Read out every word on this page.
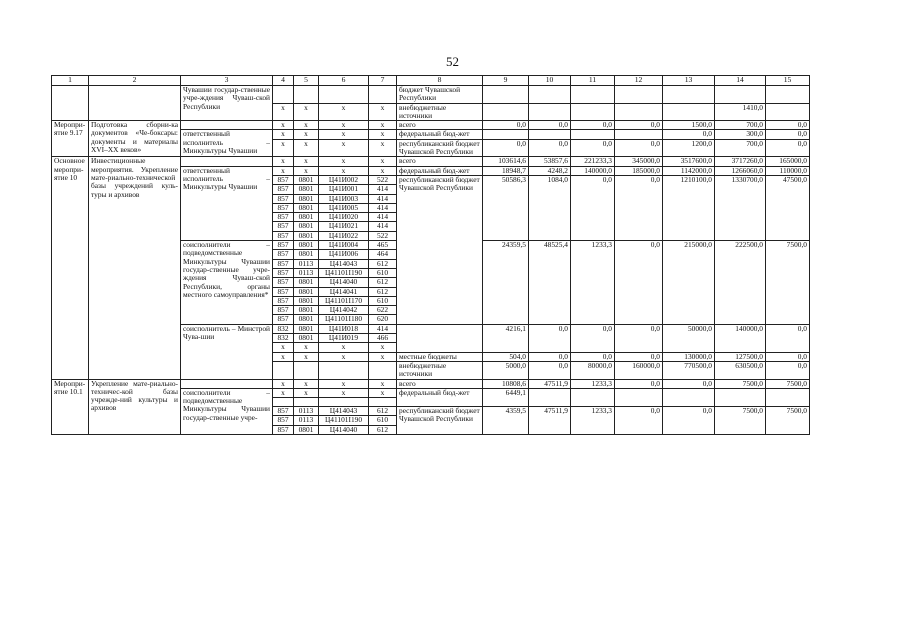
52
1	2	3	4	5	6	7	8	9	10	11	12	13	14	15
		Чувашии государ-ственные учре-ждения Чуваш-ской Республики					бюджет Чувашской Республики							
			х	х	х	х	внебюджетные источники						1410,0	
Меропри-ятие 9.17	Подготовка сборни-ка документов «Че-боксары: документы и материалы XVI–XX веков»		х	х	х	х	всего	0,0	0,0	0,0	0,0	1500,0	700,0	0,0
		ответственный исполнитель – Минкультуры Чувашии	х	х	х	х	федеральный бюд-жет					0,0	300,0	0,0
			х	х	х	х	республиканский бюджет Чувашской Республики	0,0	0,0	0,0	0,0	1200,0	700,0	0,0
Основное меропри-ятие 10	Инвестиционные мероприятия. Укрепление мате-риально-технической базы учреждений куль-туры и архивов		х	х	х	х	всего	103614,6	53857,6	221233,3	345000,0	3517600,0	3717260,0	165000,0
		ответственный исполнитель – Минкультуры Чувашии	х	х	х	х	федеральный бюд-жет	18948,7	4248,2	140000,0	185000,0	1142000,0	1266060,0	110000,0
			857	0801	Ц41И002	522	республиканский бюджет Чувашской Республики	50586,3	1084,0	0,0	0,0	1210100,0	1330700,0	47500,0
			857	0801	Ц41И001	414								
			857	0801	Ц41И003	414								
			857	0801	Ц41И005	414								
			857	0801	Ц41И020	414								
			857	0801	Ц41И021	414								
			857	0801	Ц41И022	522								
		соисполнители – подведомственные Минкультуры Чувашии государ-ственные учре-ждения Чуваш-ской Республики, органы местного самоуправления*	857	0801	Ц41И004	465		24359,5	48525,4	1233,3	0,0	215000,0	222500,0	7500,0
			857	0801	Ц41И006	464								
			857	0113	Ц414043	612								
			857	0113	Ц41101I190	610								
			857	0801	Ц414040	612								
			857	0801	Ц414041	612								
			857	0801	Ц41101I170	610								
			857	0801	Ц414042	622								
			857	0801	Ц41101I180	620								
		соисполнитель – Минстрой Чува-шии	832	0801	Ц41И018	414		4216,1	0,0	0,0	0,0	50000,0	140000,0	0,0
			832	0801	Ц41И019	466								
			х	х	х	х								
			х	х	х	х	местные бюджеты	504,0	0,0	0,0	0,0	130000,0	127500,0	0,0
							внебюджетные источники	5000,0	0,0	80000,0	160000,0	770500,0	630500,0	0,0
Меропри-ятие 10.1	Укрепление мате-риально-техничес-кой базы учрежде-ний культуры и архивов		х	х	х	х	всего	10808,6	47511,9	1233,3	0,0	0,0	7500,0	7500,0
		соисполнители – подведомственные Минкультуры Чувашии государ-ственные учре-	х	х	х	х	федеральный бюд-жет	6449,1						

			857	0113	Ц414043	612	республиканский бюджет Чувашской Республики	4359,5	47511,9	1233,3	0,0	0,0	7500,0	7500,0
			857	0113	Ц41101I190	610								
			857	0801	Ц414040	612								
